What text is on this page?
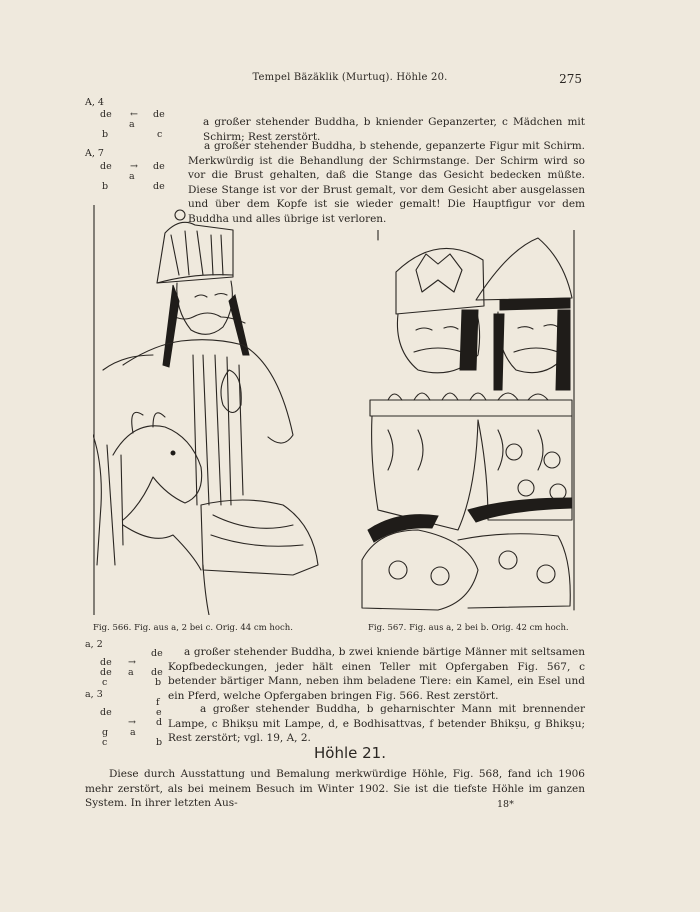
Tempel Bäzäklik (Murtuq). Höhle 20.	275
A, 4
de ← de
a
b	c
a großer stehender Buddha, b kniender Gepanzerter, c Mädchen mit Schirm; Rest zerstört.
A, 7
de → de
a
b	de
a großer stehender Buddha, b stehende, gepanzerte Figur mit Schirm. Merkwürdig ist die Behandlung der Schirmstange. Der Schirm wird so vor die Brust gehalten, daß die Stange das Gesicht bedecken müßte. Diese Stange ist vor der Brust gemalt, vor dem Gesicht aber ausgelassen und über dem Kopfe ist sie wieder gemalt! Die Hauptfigur vor dem Buddha und alles übrige ist verloren.
Fig. 566. Fig. aus a, 2 bei c. Orig. 44 cm hoch.	Fig. 567. Fig. aus a, 2 bei b. Orig. 42 cm hoch.
a, 2
de
de →
de a de
c	b
a großer stehender Buddha, b zwei kniende bärtige Männer mit seltsamen Kopfbedeckungen, jeder hält einen Teller mit Opfergaben Fig. 567, c betender bärtiger Mann, neben ihm beladene Tiere: ein Kamel, ein Esel und ein Pferd, welche Opfergaben bringen Fig. 566. Rest zerstört.
a, 3
f
de	e
→ d
g a
c	b
a großer stehender Buddha, b geharnischter Mann mit brennender Lampe, c Bhikṣu mit Lampe, d, e Bodhisattvas, f betender Bhikṣu, g Bhikṣu; Rest zerstört; vgl. 19, A, 2.
Höhle 21.
Diese durch Ausstattung und Bemalung merkwürdige Höhle, Fig. 568, fand ich 1906 mehr zerstört, als bei meinem Besuch im Winter 1902. Sie ist die tiefste Höhle im ganzen System. In ihrer letzten Aus-	18*
